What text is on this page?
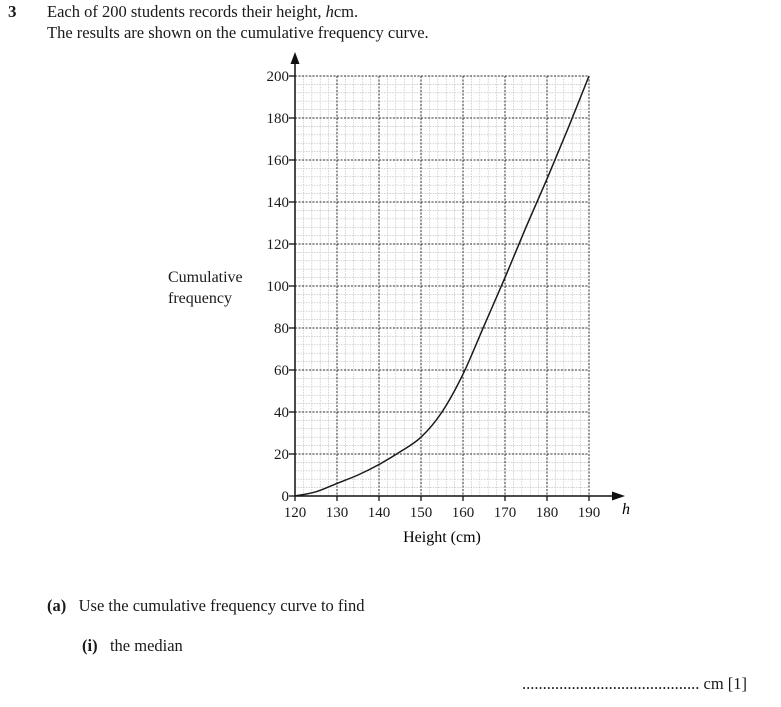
3 Each of 200 students records their height, hcm.
The results are shown on the cumulative frequency curve.
Cumulative
frequency
0
20
40
60
80
100
120
140
160
180
200
120 130 140 150 160 170 180 190
Height (cm)
h
(a) Use the cumulative frequency curve to find
(i) the median
........................................... cm [1]
